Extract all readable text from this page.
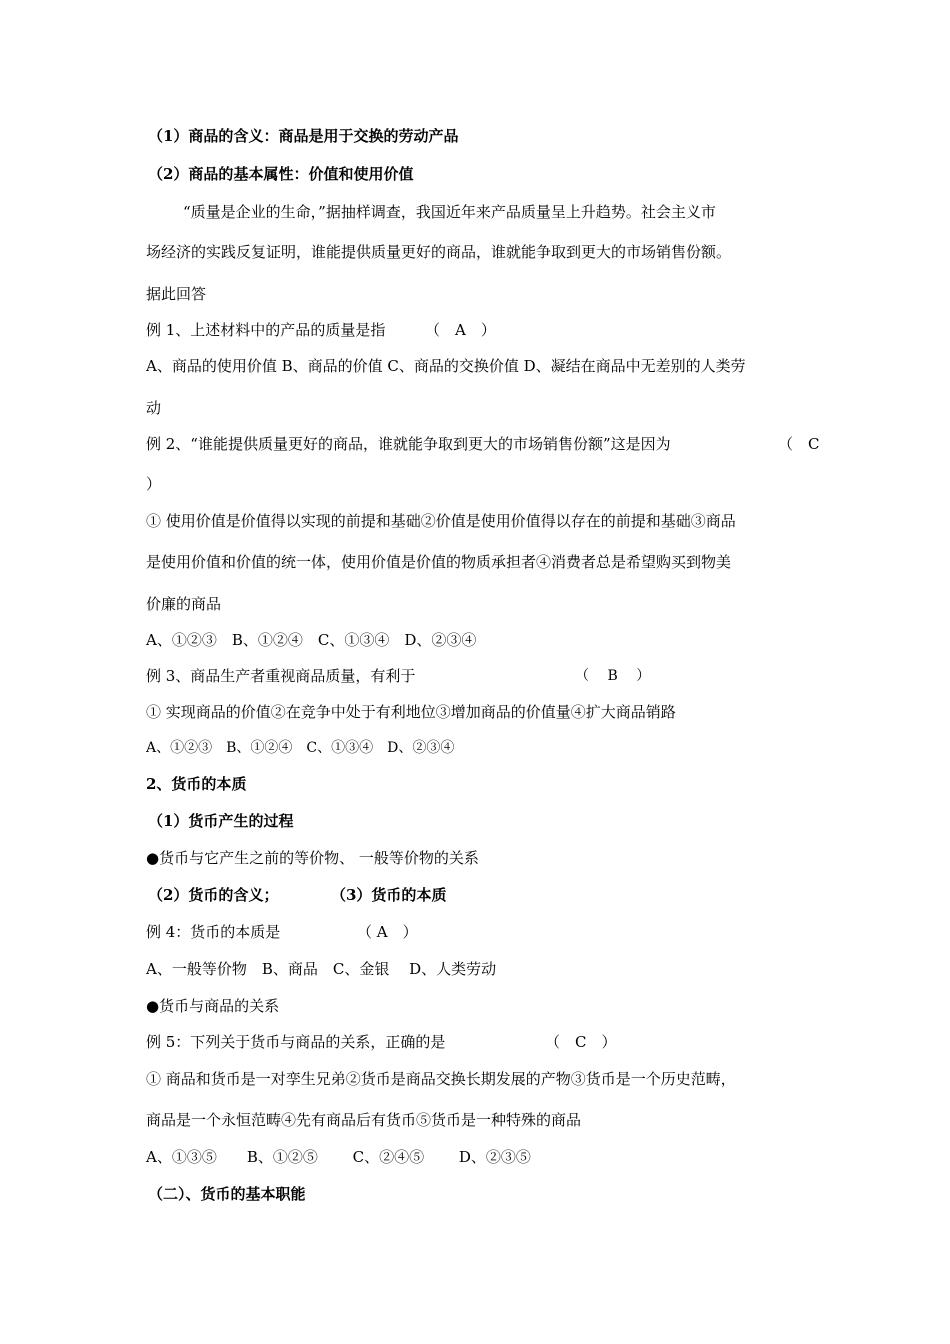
（1）商品的含义：商品是用于交换的劳动产品
（2）商品的基本属性：价值和使用价值
“质量是企业的生命，”据抽样调查，我国近年来产品质量呈上升趋势。社会主义市
场经济的实践反复证明，谁能提供质量更好的商品，谁就能争取到更大的市场销售份额。
据此回答
例 1、上述材料中的产品的质量是指	（　A　）
A、商品的使用价值 B、商品的价值 C、商品的交换价值 D、凝结在商品中无差别的人类劳
动
例 2、“谁能提供质量更好的商品，谁就能争取到更大的市场销售份额”这是因为	（　C
）
① 使用价值是价值得以实现的前提和基础②价值是使用价值得以存在的前提和基础③商品
是使用价值和价值的统一体，使用价值是价值的物质承担者④消费者总是希望购买到物美
价廉的商品
A、①②③　B、①②④　C、①③④　D、②③④
例 3、商品生产者重视商品质量，有利于	（　 B　 ）
① 实现商品的价值②在竞争中处于有利地位③增加商品的价值量④扩大商品销路
A、①②③　B、①②④　C、①③④　D、②③④
2、货币的本质
（1）货币产生的过程
●货币与它产生之前的等价物、 一般等价物的关系
（2）货币的含义；	（3）货币的本质
例 4：货币的本质是	（ A　）
A、一般等价物　B、商品　C、金银　 D、人类劳动
●货币与商品的关系
例 5：下列关于货币与商品的关系，正确的是	（　C　）
① 商品和货币是一对孪生兄弟②货币是商品交换长期发展的产物③货币是一个历史范畴，
商品是一个永恒范畴④先有商品后有货币⑤货币是一种特殊的商品
A、①③⑤　　B、①②⑤　　 C、②④⑤　　 D、②③⑤
（二）、货币的基本职能
